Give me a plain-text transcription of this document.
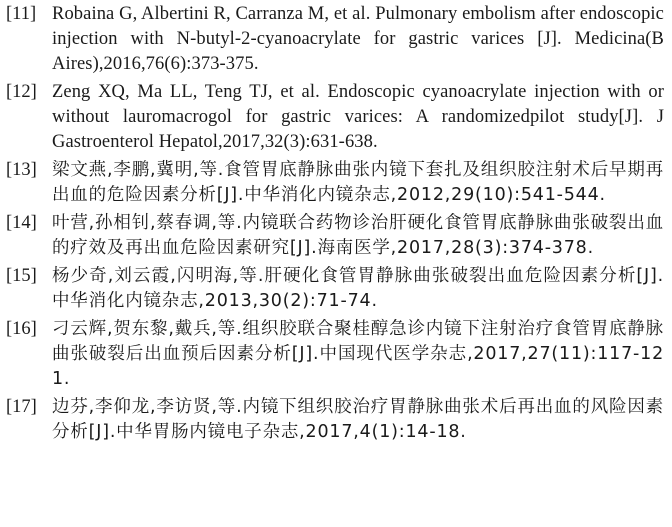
[11] Robaina G, Albertini R, Carranza M, et al. Pulmonary embolism after endoscopic injection with N-butyl-2-cyanoacrylate for gastric varices [J]. Medicina(B Aires),2016,76(6):373-375.
[12] Zeng XQ, Ma LL, Teng TJ, et al. Endoscopic cyanoacrylate injection with or without lauromacrogol for gastric varices: A randomizedpilot study[J]. J Gastroenterol Hepatol,2017,32(3):631-638.
[13] 梁文燕,李鹏,冀明,等.食管胃底静脉曲张内镜下套扎及组织胶注射术后早期再出血的危险因素分析[J].中华消化内镜杂志,2012,29(10):541-544.
[14] 叶营,孙相钊,蔡春调,等.内镜联合药物诊治肝硬化食管胃底静脉曲张破裂出血的疗效及再出血危险因素研究[J].海南医学,2017,28(3):374-378.
[15] 杨少奇,刘云霞,闪明海,等.肝硬化食管胃静脉曲张破裂出血危险因素分析[J].中华消化内镜杂志,2013,30(2):71-74.
[16] 刁云辉,贺东黎,戴兵,等.组织胶联合聚桂醇急诊内镜下注射治疗食管胃底静脉曲张破裂后出血预后因素分析[J].中国现代医学杂志,2017,27(11):117-121.
[17] 边芬,李仰龙,李访贤,等.内镜下组织胶治疗胃静脉曲张术后再出血的风险因素分析[J].中华胃肠内镜电子杂志,2017,4(1):14-18.
